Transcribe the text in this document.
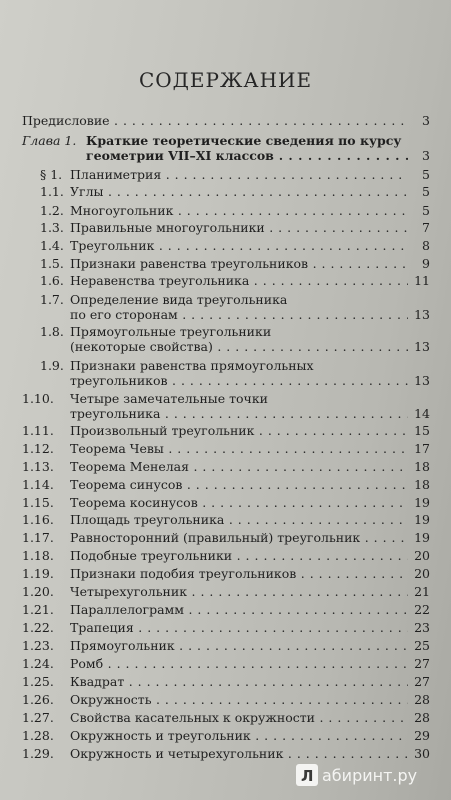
СОДЕРЖАНИЕ
Предисловие . . .	3
Глава 1. Краткие теоретические сведения по курсу
геометрии VII–XI классов . . .	3
§ 1. Планиметрия . . .	5
1.1. Углы . . .	5
1.2. Многоугольник . . .	5
1.3. Правильные многоугольники . . .	7
1.4. Треугольник . . .	8
1.5. Признаки равенства треугольников . . .	9
1.6. Неравенства треугольника . . .	11
1.7. Определение вида треугольника
по его сторонам . . .	13
1.8. Прямоугольные треугольники
(некоторые свойства) . . .	13
1.9. Признаки равенства прямоугольных
треугольников . . .	13
1.10. Четыре замечательные точки
треугольника . . .	14
1.11. Произвольный треугольник . . .	15
1.12. Теорема Чевы . . .	17
1.13. Теорема Менелая . . .	18
1.14. Теорема синусов . . .	18
1.15. Теорема косинусов . . .	19
1.16. Площадь треугольника . . .	19
1.17. Равносторонний (правильный) треугольник . . .	19
1.18. Подобные треугольники . . .	20
1.19. Признаки подобия треугольников . . .	20
1.20. Четырехугольник . . .	21
1.21. Параллелограмм . . .	22
1.22. Трапеция . . .	23
1.23. Прямоугольник . . .	25
1.24. Ромб . . .	27
1.25. Квадрат . . .	27
1.26. Окружность . . .	28
1.27. Свойства касательных к окружности . . .	28
1.28. Окружность и треугольник . . .	29
1.29. Окружность и четырехугольник . . .	30
Л абиринт.ру
